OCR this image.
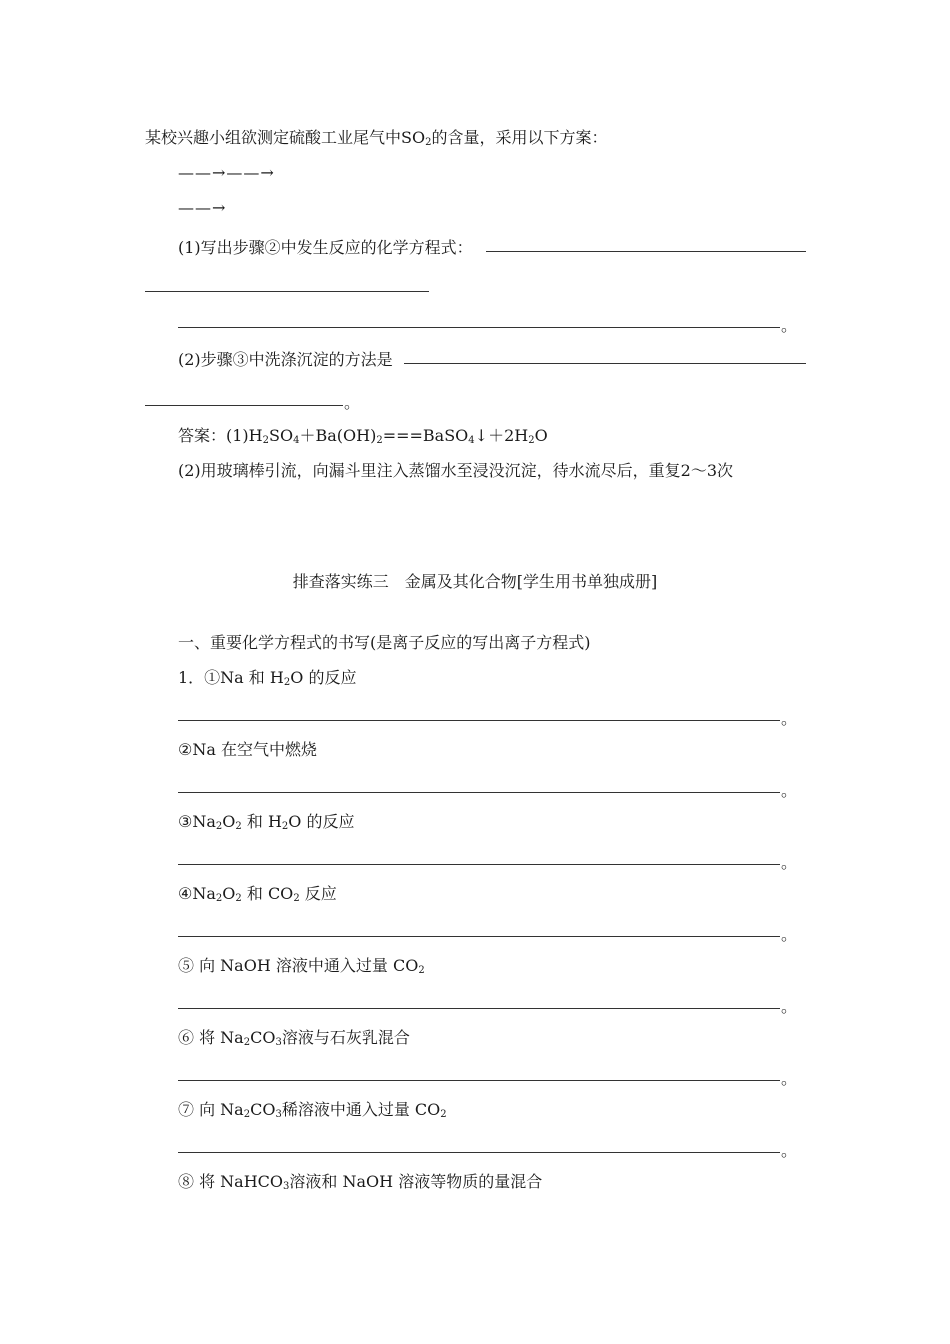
某校兴趣小组欲测定硫酸工业尾气中$SO_2$的含量，采用以下方案：
——→——→
——→
(1)写出步骤②中发生反应的化学方程式：
。
(2)步骤③中洗涤沉淀的方法是
。
答案：$(1)H_2SO_4+Ba(OH)_2===BaSO_4↓+2H_2O$
(2)用玻璃棒引流，向漏斗里注入蒸馏水至浸没沉淀，待水流尽后，重复2～3次
排查落实练三　金属及其化合物[学生用书单独成册]
一、重要化学方程式的书写(是离子反应的写出离子方程式)
1．①Na 和 $H_2O$ 的反应
。
②Na 在空气中燃烧
。
$③Na_2O_2$ 和 $H_2O$ 的反应
。
$④Na_2O_2$ 和 $CO_2$ 反应
。
⑤ 向 NaOH 溶液中通入过量 $CO_2$
。
⑥ 将 $Na_2CO_3$溶液与石灰乳混合
。
⑦ 向 $Na_2CO_3$稀溶液中通入过量 $CO_2$
。
⑧ 将 NaHCO$_3$溶液和 NaOH 溶液等物质的量混合
